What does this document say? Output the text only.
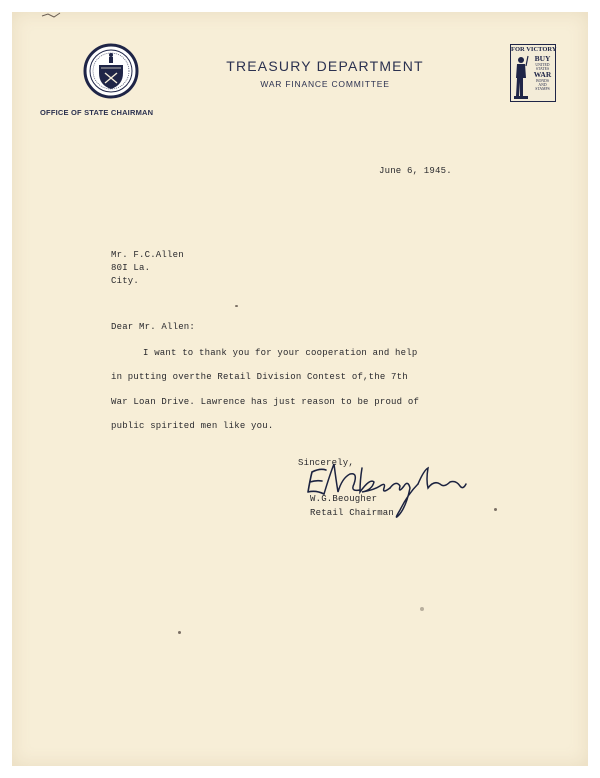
OFFICE OF STATE CHAIRMAN
TREASURY DEPARTMENT
WAR FINANCE COMMITTEE
FOR VICTORY
BUY
UNITED
STATES
WAR
BONDS
AND
STAMPS
June 6, 1945.
Mr. F.C.Allen
80I La.
City.
Dear Mr. Allen:
I want to thank you for your cooperation and help
in putting overthe Retail Division Contest of,the 7th
War Loan Drive. Lawrence has just reason to be proud of
public spirited men like you.
Sincerely,
W.G.Beougher
Retail Chairman
